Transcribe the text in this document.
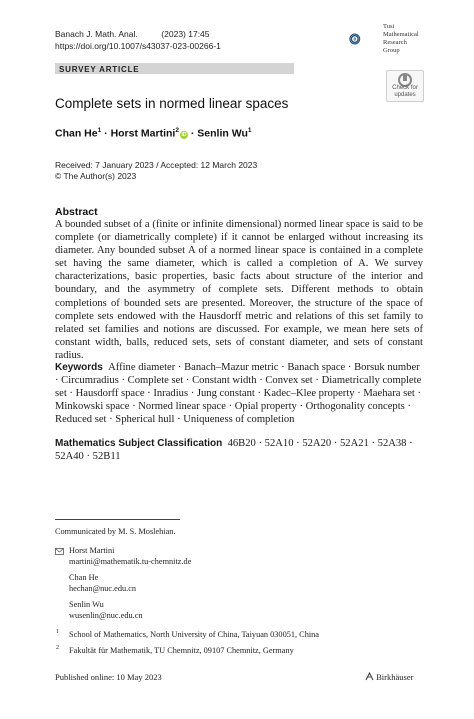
Banach J. Math. Anal.          (2023) 17:45
https://doi.org/10.1007/s43037-023-00266-1
Tusi
Mathematical
Research
Group
SURVEY ARTICLE
Check for
updates
Complete sets in normed linear spaces
Chan $He^1$ · Horst Martini$^2$iD · Senlin Wu$^1$
Received: 7 January 2023 / Accepted: 12 March 2023
© The Author(s) 2023
Abstract
A bounded subset of a (finite or infinite dimensional) normed linear space is said to be complete (or diametrically complete) if it cannot be enlarged without increasing its diameter. Any bounded subset A of a normed linear space is contained in a complete set having the same diameter, which is called a completion of A. We survey characterizations, basic properties, basic facts about structure of the interior and boundary, and the asymmetry of complete sets. Different methods to obtain completions of bounded sets are presented. Moreover, the structure of the space of complete sets endowed with the Hausdorff metric and relations of this set family to related set families and notions are discussed. For example, we mean here sets of constant width, balls, reduced sets, sets of constant diameter, and sets of constant radius.
Keywords Affine diameter · Banach–Mazur metric · Banach space · Borsuk number · Circumradius · Complete set · Constant width · Convex set · Diametrically complete set · Hausdorff space · Inradius · Jung constant · Kadec–Klee property · Maehara set · Minkowski space · Normed linear space · Opial property · Orthogonality concepts · Reduced set · Spherical hull · Uniqueness of completion
Mathematics Subject Classification 46B20 · 52A10 · 52A20 · 52A21 · 52A38 · 52A40 · 52B11
Communicated by M. S. Moslehian.
Horst Martini
martini@mathematik.tu-chemnitz.de
Chan He
hechan@nuc.edu.cn
Senlin Wu
wusenlin@nuc.edu.cn
1 School of Mathematics, North University of China, Taiyuan 030051, China
2 Fakultät für Mathematik, TU Chemnitz, 09107 Chemnitz, Germany
Published online: 10 May 2023	Birkhäuser
